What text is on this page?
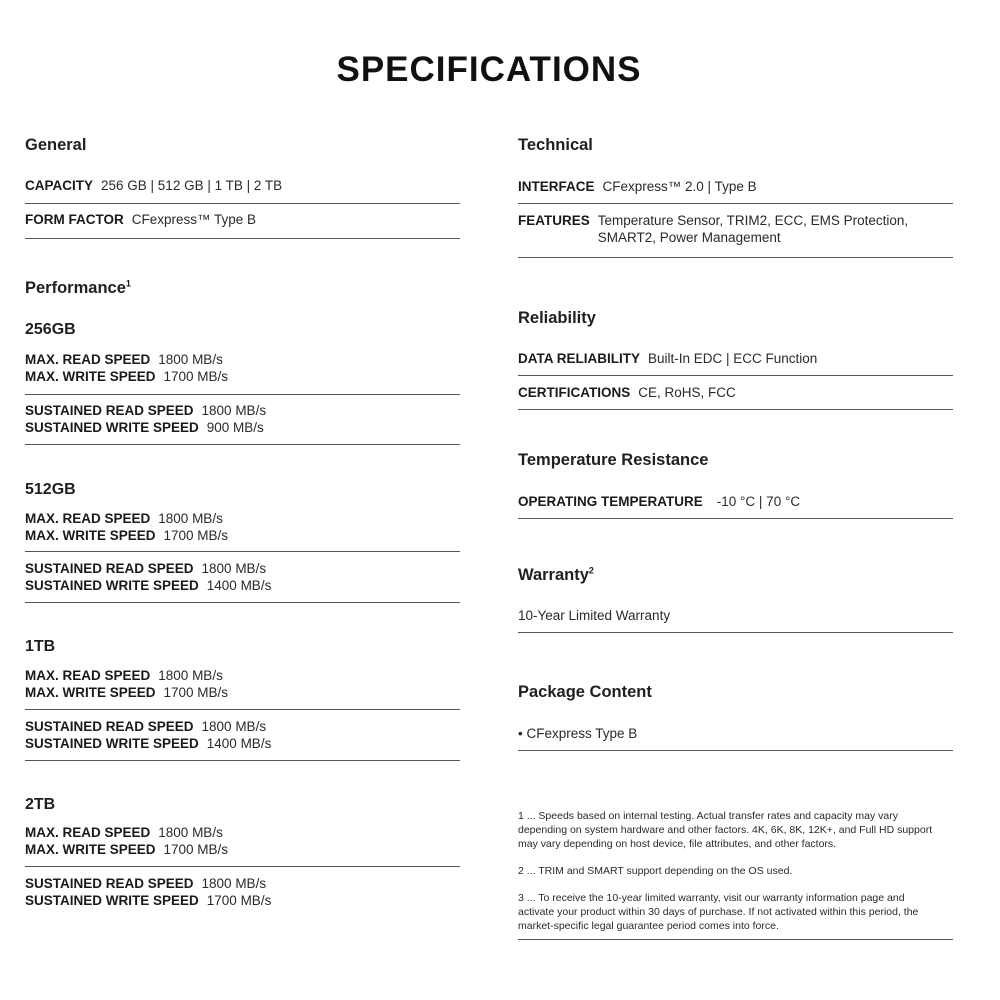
SPECIFICATIONS
General
CAPACITY 256 GB | 512 GB | 1 TB | 2 TB
FORM FACTOR CFexpress™ Type B
Performance$^1$
256GB
MAX. READ SPEED 1800 MB/s
MAX. WRITE SPEED 1700 MB/s
SUSTAINED READ SPEED 1800 MB/s
SUSTAINED WRITE SPEED 900 MB/s
512GB
MAX. READ SPEED 1800 MB/s
MAX. WRITE SPEED 1700 MB/s
SUSTAINED READ SPEED 1800 MB/s
SUSTAINED WRITE SPEED 1400 MB/s
1TB
MAX. READ SPEED 1800 MB/s
MAX. WRITE SPEED 1700 MB/s
SUSTAINED READ SPEED 1800 MB/s
SUSTAINED WRITE SPEED 1400 MB/s
2TB
MAX. READ SPEED 1800 MB/s
MAX. WRITE SPEED 1700 MB/s
SUSTAINED READ SPEED 1800 MB/s
SUSTAINED WRITE SPEED 1700 MB/s
Technical
INTERFACE CFexpress™ 2.0 | Type B
FEATURES Temperature Sensor, TRIM2, ECC, EMS Protection, SMART2, Power Management
Reliability
DATA RELIABILITY Built-In EDC | ECC Function
CERTIFICATIONS CE, RoHS, FCC
Temperature Resistance
OPERATING TEMPERATURE -10 °C | 70 °C
Warranty$^2$
10-Year Limited Warranty
Package Content
• CFexpress Type B
1 ... Speeds based on internal testing. Actual transfer rates and capacity may vary depending on system hardware and other factors. 4K, 6K, 8K, 12K+, and Full HD support may vary depending on host device, file attributes, and other factors.
2 ... TRIM and SMART support depending on the OS used.
3 ... To receive the 10-year limited warranty, visit our warranty information page and activate your product within 30 days of purchase. If not activated within this period, the market-specific legal guarantee period comes into force.
